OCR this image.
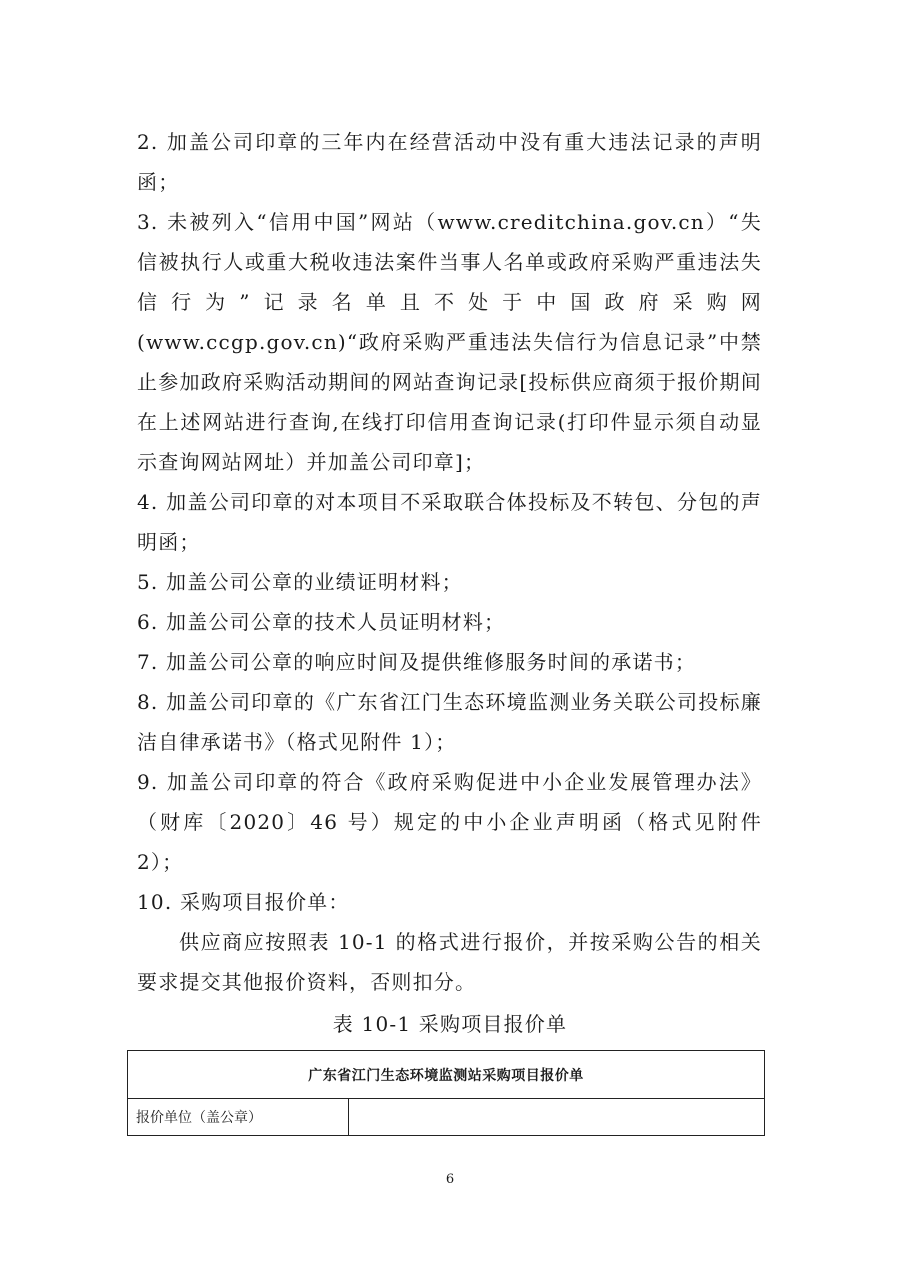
2. 加盖公司印章的三年内在经营活动中没有重大违法记录的声明函；

3. 未被列入“信用中国”网站（www.creditchina.gov.cn）“失信被执行人或重大税收违法案件当事人名单或政府采购严重违法失信行为”记录名单且不处于中国政府采购网(www.ccgp.gov.cn)“政府采购严重违法失信行为信息记录”中禁止参加政府采购活动期间的网站查询记录[投标供应商须于报价期间在上述网站进行查询,在线打印信用查询记录(打印件显示须自动显示查询网站网址）并加盖公司印章]；

4. 加盖公司印章的对本项目不采取联合体投标及不转包、分包的声明函；

5. 加盖公司公章的业绩证明材料；

6. 加盖公司公章的技术人员证明材料；

7. 加盖公司公章的响应时间及提供维修服务时间的承诺书；

8. 加盖公司印章的《广东省江门生态环境监测业务关联公司投标廉洁自律承诺书》（格式见附件 1）；

9. 加盖公司印章的符合《政府采购促进中小企业发展管理办法》（财库〔2020〕46 号）规定的中小企业声明函（格式见附件 2）；

10. 采购项目报价单：

供应商应按照表 10-1 的格式进行报价，并按采购公告的相关要求提交其他报价资料，否则扣分。

表 10-1 采购项目报价单
广东省江门生态环境监测站采购项目报价单
报价单位（盖公章）	
6
